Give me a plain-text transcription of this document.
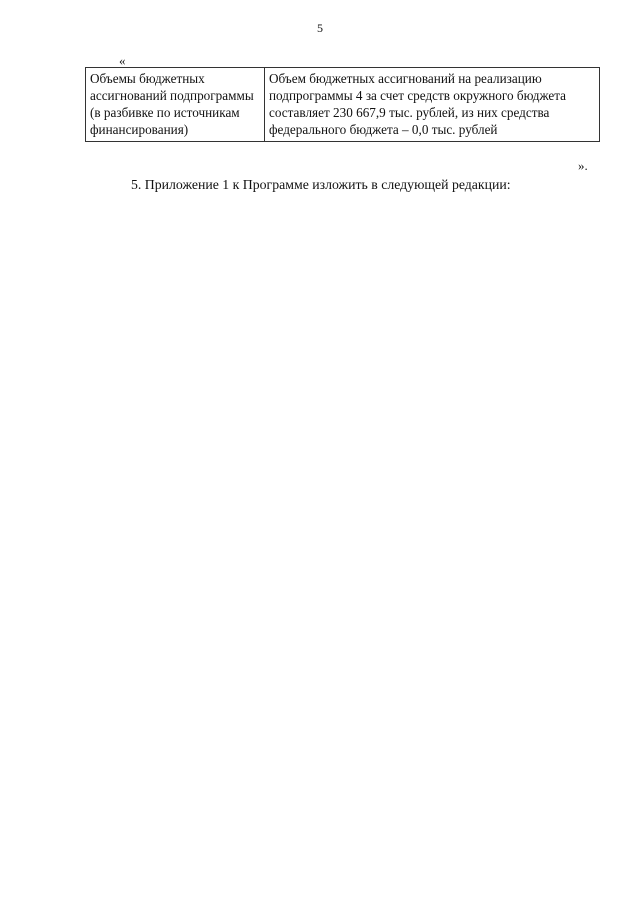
5
«
Объемы бюджетных ассигнований подпрограммы (в разбивке по источникам финансирования)	Объем бюджетных ассигнований на реализацию подпрограммы 4 за счет средств окружного бюджета составляет 230 667,9 тыс. рублей, из них средства федерального бюджета – 0,0 тыс. рублей
».
5. Приложение 1 к Программе изложить в следующей редакции:
